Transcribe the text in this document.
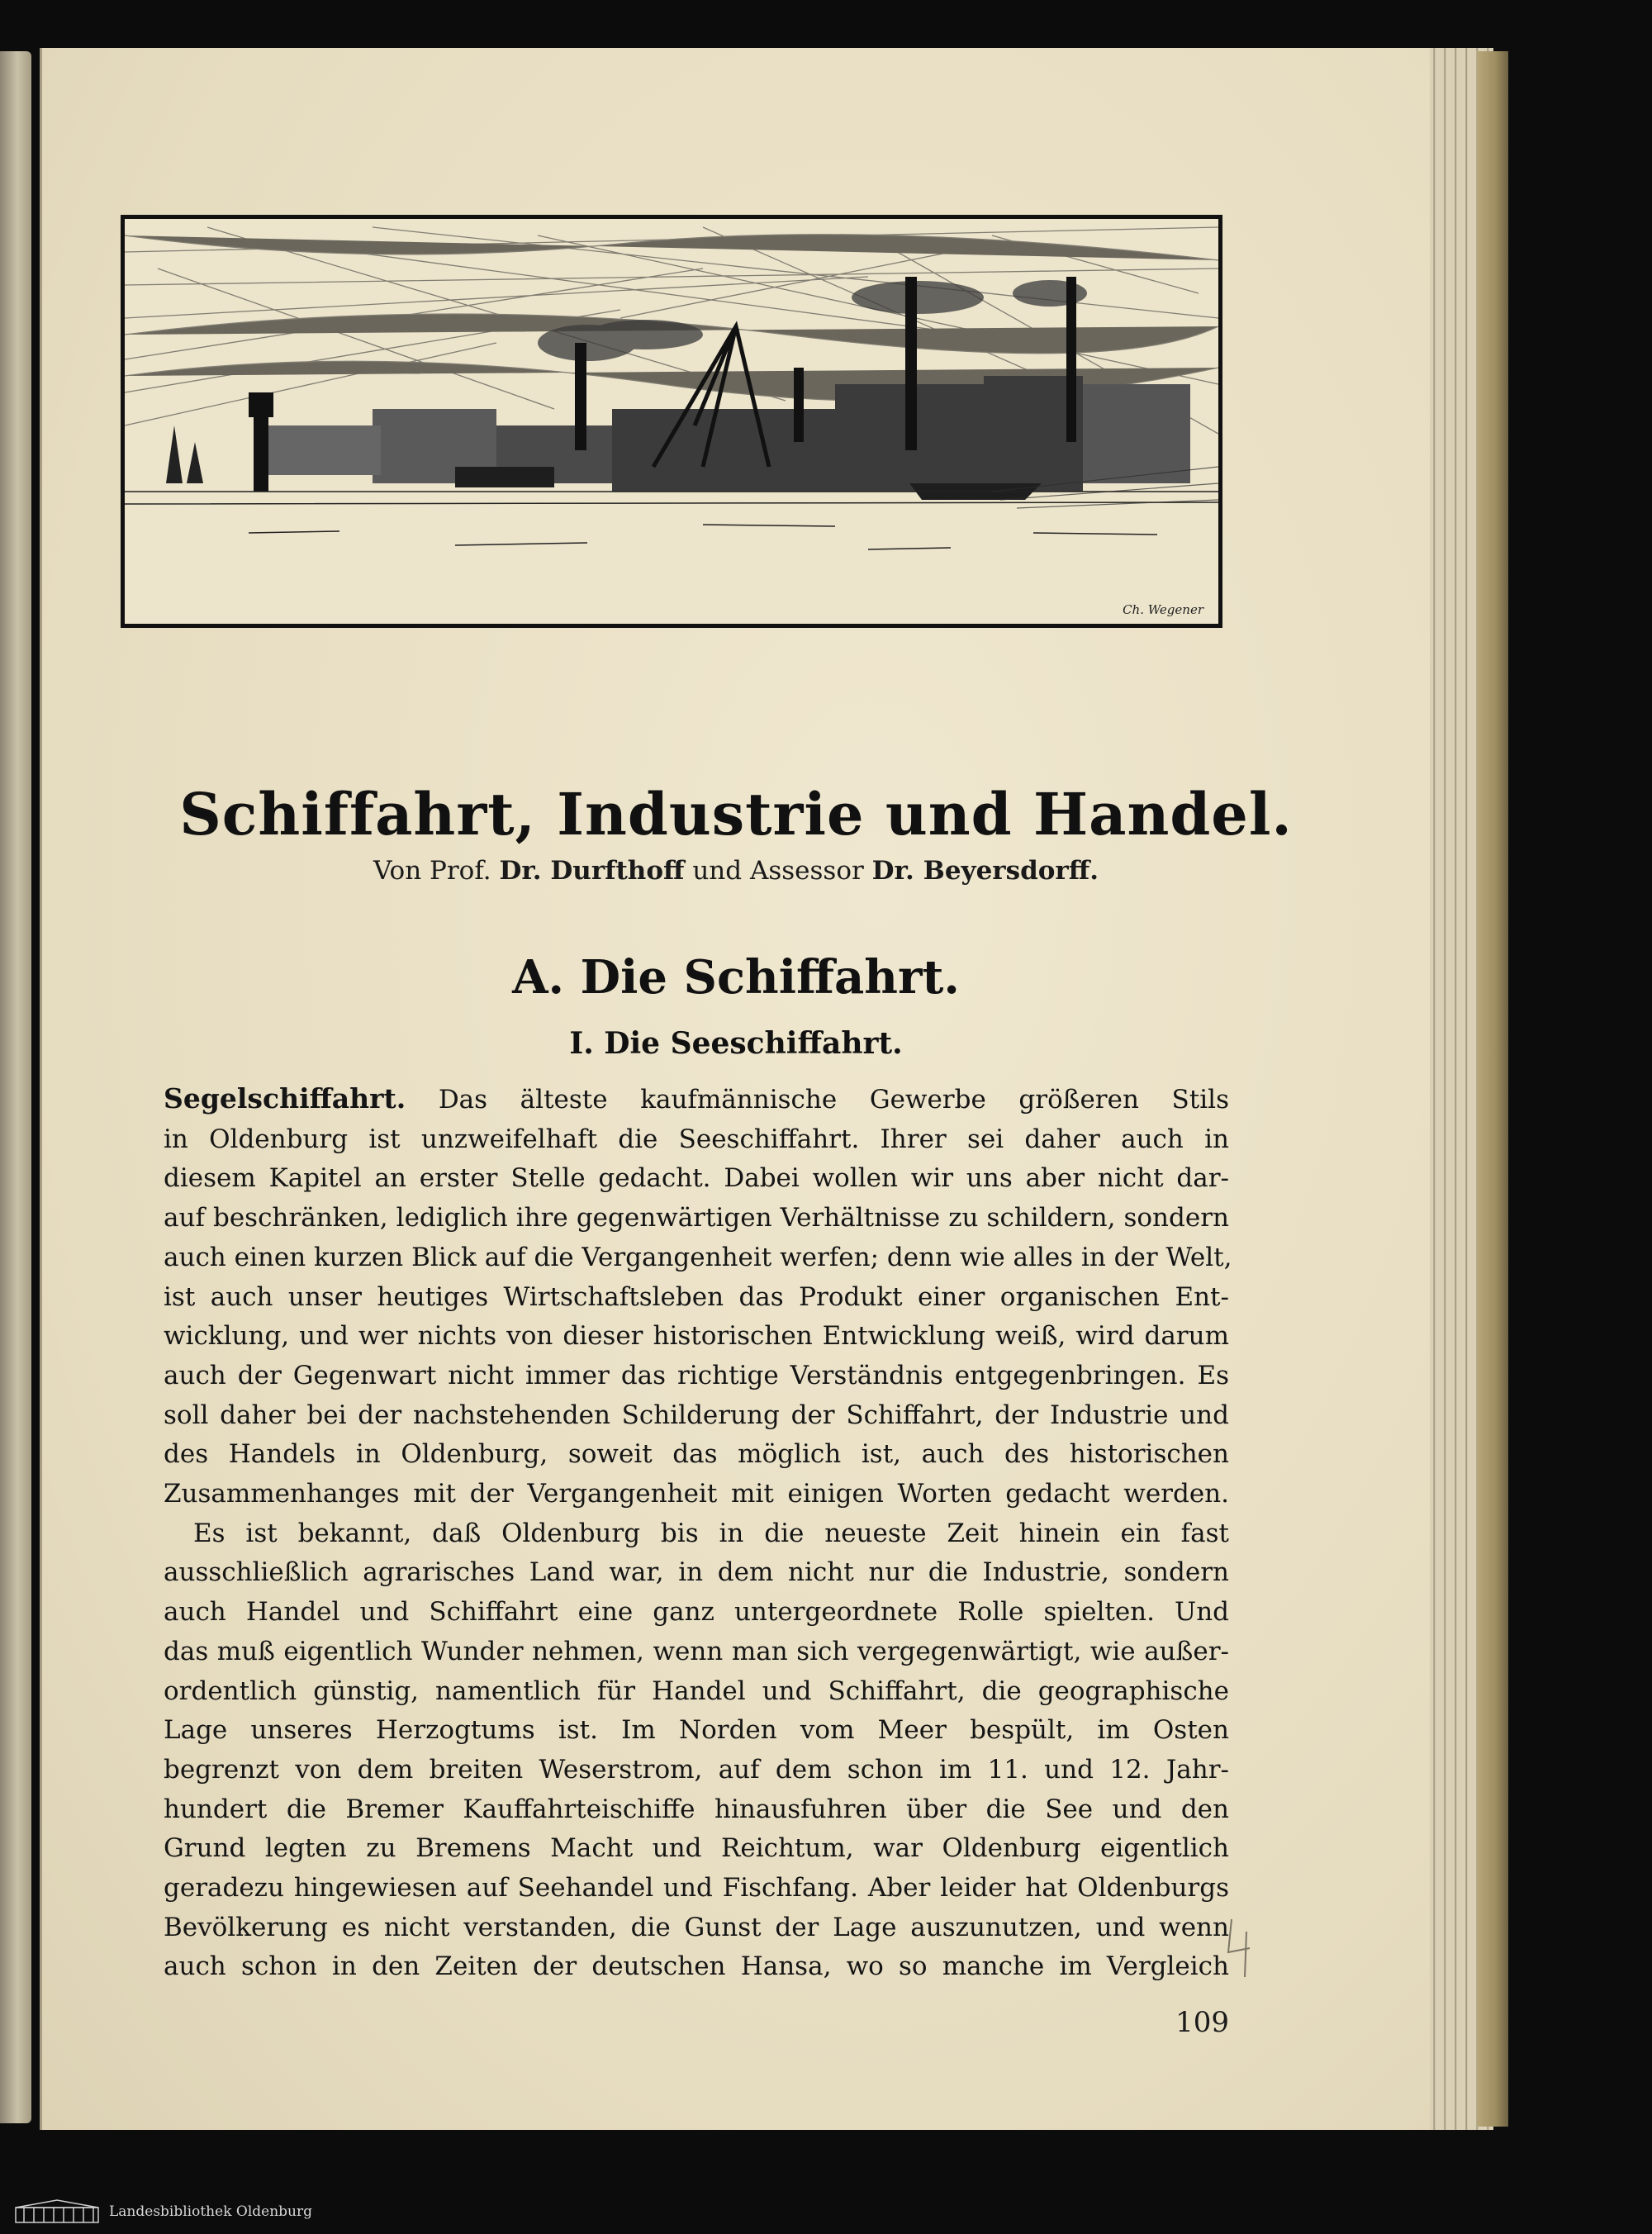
Ch. Wegener
Schiffahrt, Industrie und Handel.
Von Prof. Dr. Durfthoff und Assessor Dr. Beyersdorff.
A. Die Schiffahrt.
I. Die Seeschiffahrt.
Segelschiffahrt. Das älteste kaufmännische Gewerbe größeren Stils
in Oldenburg ist unzweifelhaft die Seeschiffahrt. Ihrer sei daher auch in
diesem Kapitel an erster Stelle gedacht. Dabei wollen wir uns aber nicht dar-
auf beschränken, lediglich ihre gegenwärtigen Verhältnisse zu schildern, sondern
auch einen kurzen Blick auf die Vergangenheit werfen; denn wie alles in der Welt,
ist auch unser heutiges Wirtschaftsleben das Produkt einer organischen Ent-
wicklung, und wer nichts von dieser historischen Entwicklung weiß, wird darum
auch der Gegenwart nicht immer das richtige Verständnis entgegenbringen. Es
soll daher bei der nachstehenden Schilderung der Schiffahrt, der Industrie und
des Handels in Oldenburg, soweit das möglich ist, auch des historischen
Zusammenhanges mit der Vergangenheit mit einigen Worten gedacht werden.
Es ist bekannt, daß Oldenburg bis in die neueste Zeit hinein ein fast
ausschließlich agrarisches Land war, in dem nicht nur die Industrie, sondern
auch Handel und Schiffahrt eine ganz untergeordnete Rolle spielten. Und
das muß eigentlich Wunder nehmen, wenn man sich vergegenwärtigt, wie außer-
ordentlich günstig, namentlich für Handel und Schiffahrt, die geographische
Lage unseres Herzogtums ist. Im Norden vom Meer bespült, im Osten
begrenzt von dem breiten Weserstrom, auf dem schon im 11. und 12. Jahr-
hundert die Bremer Kauffahrteischiffe hinausfuhren über die See und den
Grund legten zu Bremens Macht und Reichtum, war Oldenburg eigentlich
geradezu hingewiesen auf Seehandel und Fischfang. Aber leider hat Oldenburgs
Bevölkerung es nicht verstanden, die Gunst der Lage auszunutzen, und wenn
auch schon in den Zeiten der deutschen Hansa, wo so manche im Vergleich
109
Landesbibliothek Oldenburg
